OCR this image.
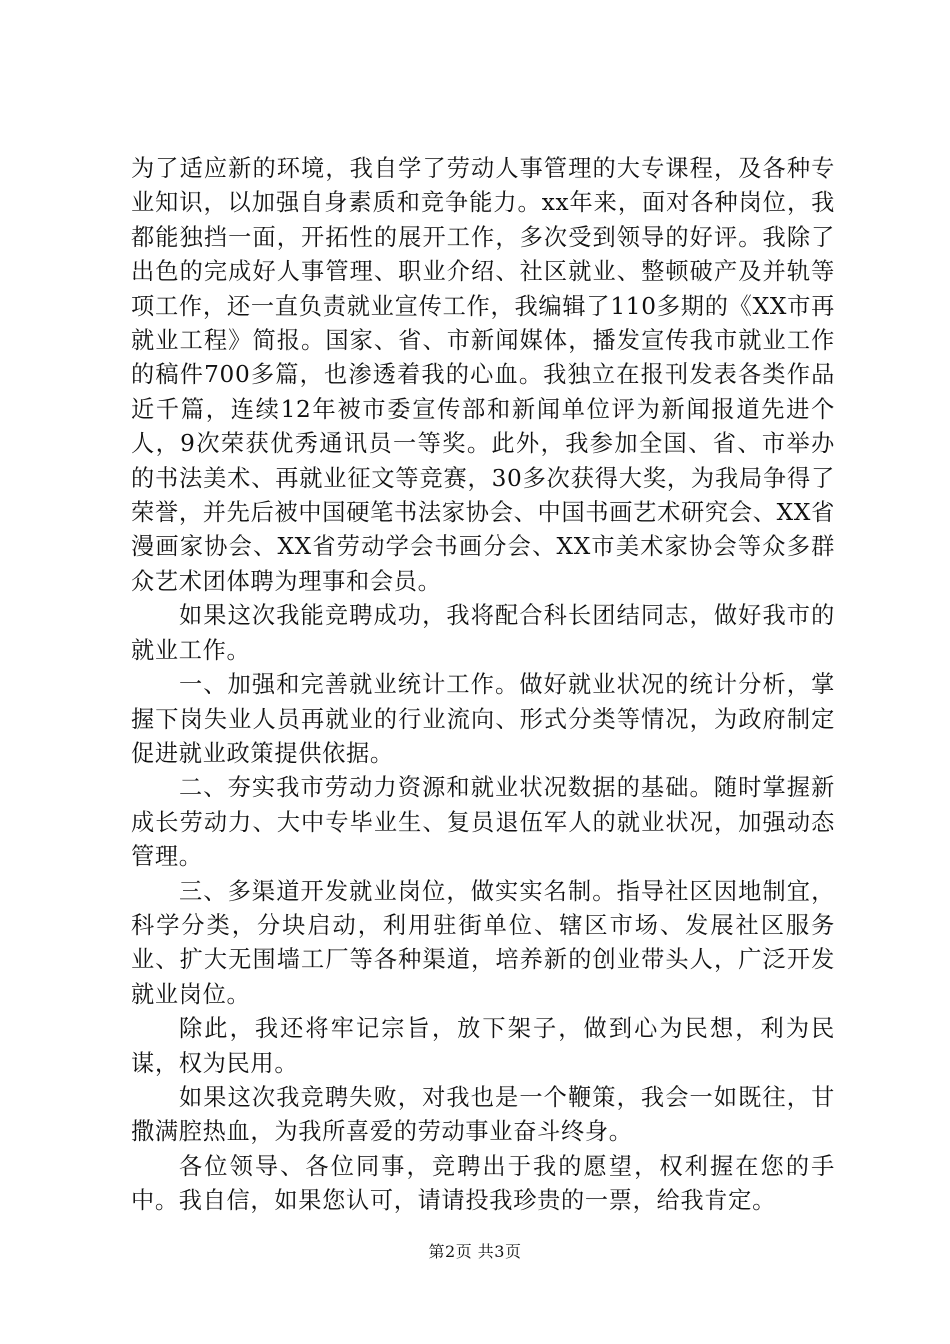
为了适应新的环境，我自学了劳动人事管理的大专课程，及各种专业知识，以加强自身素质和竞争能力。xx年来，面对各种岗位，我都能独挡一面，开拓性的展开工作，多次受到领导的好评。我除了出色的完成好人事管理、职业介绍、社区就业、整顿破产及并轨等项工作，还一直负责就业宣传工作，我编辑了110多期的《XX市再就业工程》简报。国家、省、市新闻媒体，播发宣传我市就业工作的稿件700多篇，也渗透着我的心血。我独立在报刊发表各类作品近千篇，连续12年被市委宣传部和新闻单位评为新闻报道先进个人，9次荣获优秀通讯员一等奖。此外，我参加全国、省、市举办的书法美术、再就业征文等竞赛，30多次获得大奖，为我局争得了荣誉，并先后被中国硬笔书法家协会、中国书画艺术研究会、XX省漫画家协会、XX省劳动学会书画分会、XX市美术家协会等众多群众艺术团体聘为理事和会员。

如果这次我能竞聘成功，我将配合科长团结同志，做好我市的就业工作。

一、加强和完善就业统计工作。做好就业状况的统计分析，掌握下岗失业人员再就业的行业流向、形式分类等情况，为政府制定促进就业政策提供依据。

二、夯实我市劳动力资源和就业状况数据的基础。随时掌握新成长劳动力、大中专毕业生、复员退伍军人的就业状况，加强动态管理。

三、多渠道开发就业岗位，做实实名制。指导社区因地制宜，科学分类，分块启动，利用驻街单位、辖区市场、发展社区服务业、扩大无围墙工厂等各种渠道，培养新的创业带头人，广泛开发就业岗位。

除此，我还将牢记宗旨，放下架子，做到心为民想，利为民谋，权为民用。

如果这次我竞聘失败，对我也是一个鞭策，我会一如既往，甘撒满腔热血，为我所喜爱的劳动事业奋斗终身。

各位领导、各位同事，竞聘出于我的愿望，权利握在您的手中。我自信，如果您认可，请请投我珍贵的一票，给我肯定。

第2页 共3页
